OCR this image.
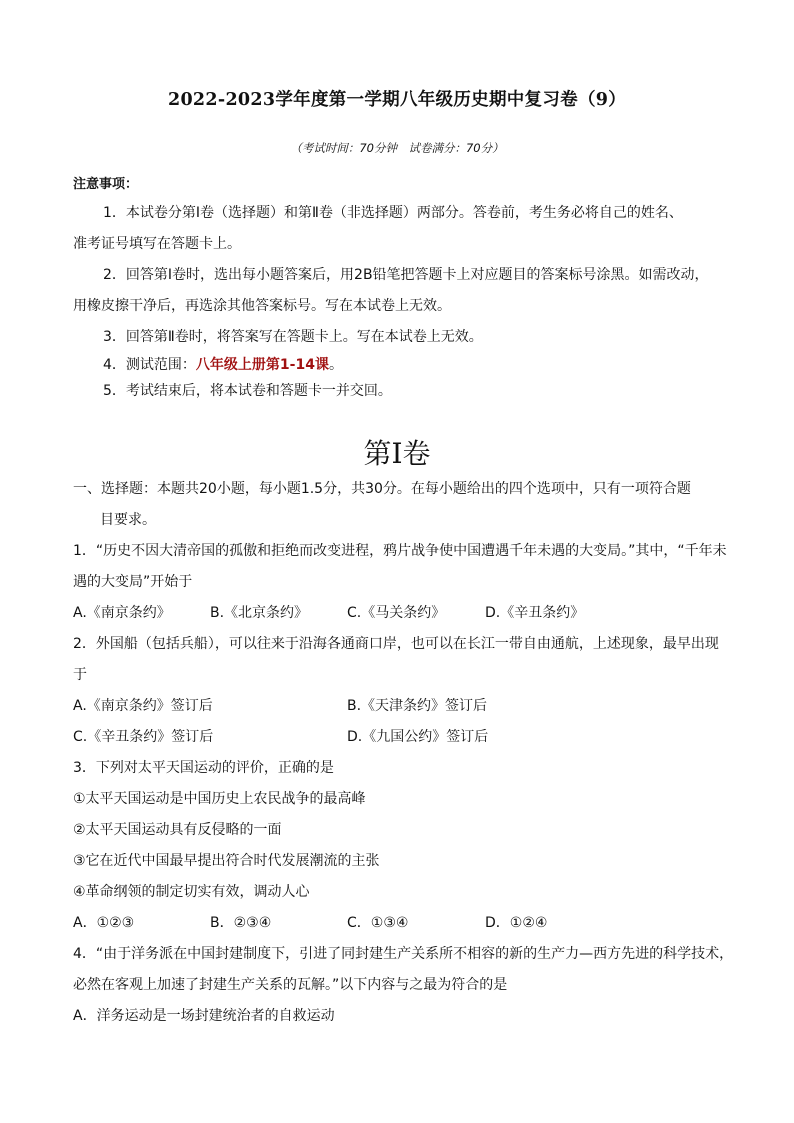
2022-2023学年度第一学期八年级历史期中复习卷（9）
（考试时间：70分钟　试卷满分：70分）
注意事项：
1．本试卷分第Ⅰ卷（选择题）和第Ⅱ卷（非选择题）两部分。答卷前，考生务必将自己的姓名、
准考证号填写在答题卡上。
2．回答第Ⅰ卷时，选出每小题答案后，用2B铅笔把答题卡上对应题目的答案标号涂黑。如需改动，
用橡皮擦干净后，再选涂其他答案标号。写在本试卷上无效。
3．回答第Ⅱ卷时，将答案写在答题卡上。写在本试卷上无效。
4．测试范围：八年级上册第1-14课。
5．考试结束后，将本试卷和答题卡一并交回。
第Ⅰ卷
一、选择题：本题共20小题，每小题1.5分，共30分。在每小题给出的四个选项中，只有一项符合题
目要求。
1．“历史不因大清帝国的孤傲和拒绝而改变进程，鸦片战争使中国遭遇千年未遇的大变局。”其中，“千年未
遇的大变局”开始于
A.《南京条约》	B.《北京条约》	C.《马关条约》	D.《辛丑条约》
2．外国船（包括兵船），可以往来于沿海各通商口岸，也可以在长江一带自由通航，上述现象，最早出现
于
A.《南京条约》签订后	B.《天津条约》签订后
C.《辛丑条约》签订后	D.《九国公约》签订后
3．下列对太平天国运动的评价，正确的是
①太平天国运动是中国历史上农民战争的最高峰
②太平天国运动具有反侵略的一面
③它在近代中国最早提出符合时代发展潮流的主张
④革命纲领的制定切实有效，调动人心
A．①②③	B．②③④	C．①③④	D．①②④
4．“由于洋务派在中国封建制度下，引进了同封建生产关系所不相容的新的生产力—西方先进的科学技术，
必然在客观上加速了封建生产关系的瓦解。”以下内容与之最为符合的是
A．洋务运动是一场封建统治者的自救运动
